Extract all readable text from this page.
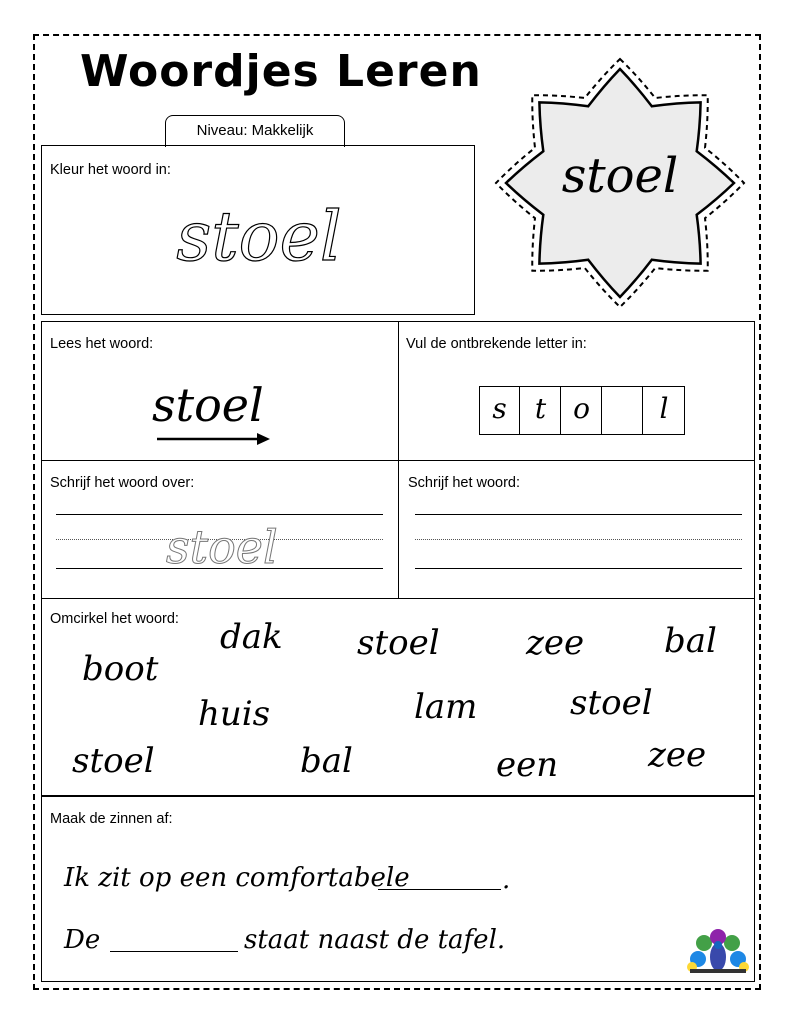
Woordjes Leren
Niveau: Makkelijk
stoel
Kleur het woord in:
stoel
Lees het woord:
stoel
Vul de ontbrekende letter in:
s	t o	l
Schrijf het woord over:
stoel
Schrijf het woord:
Omcirkel het woord: dak stoel	zee bal
boot
huis	lam	stoel
stoel	bal	een	zee
Maak de zinnen af:
Ik zit op een comfortabele	.
De	staat naast de tafel.
